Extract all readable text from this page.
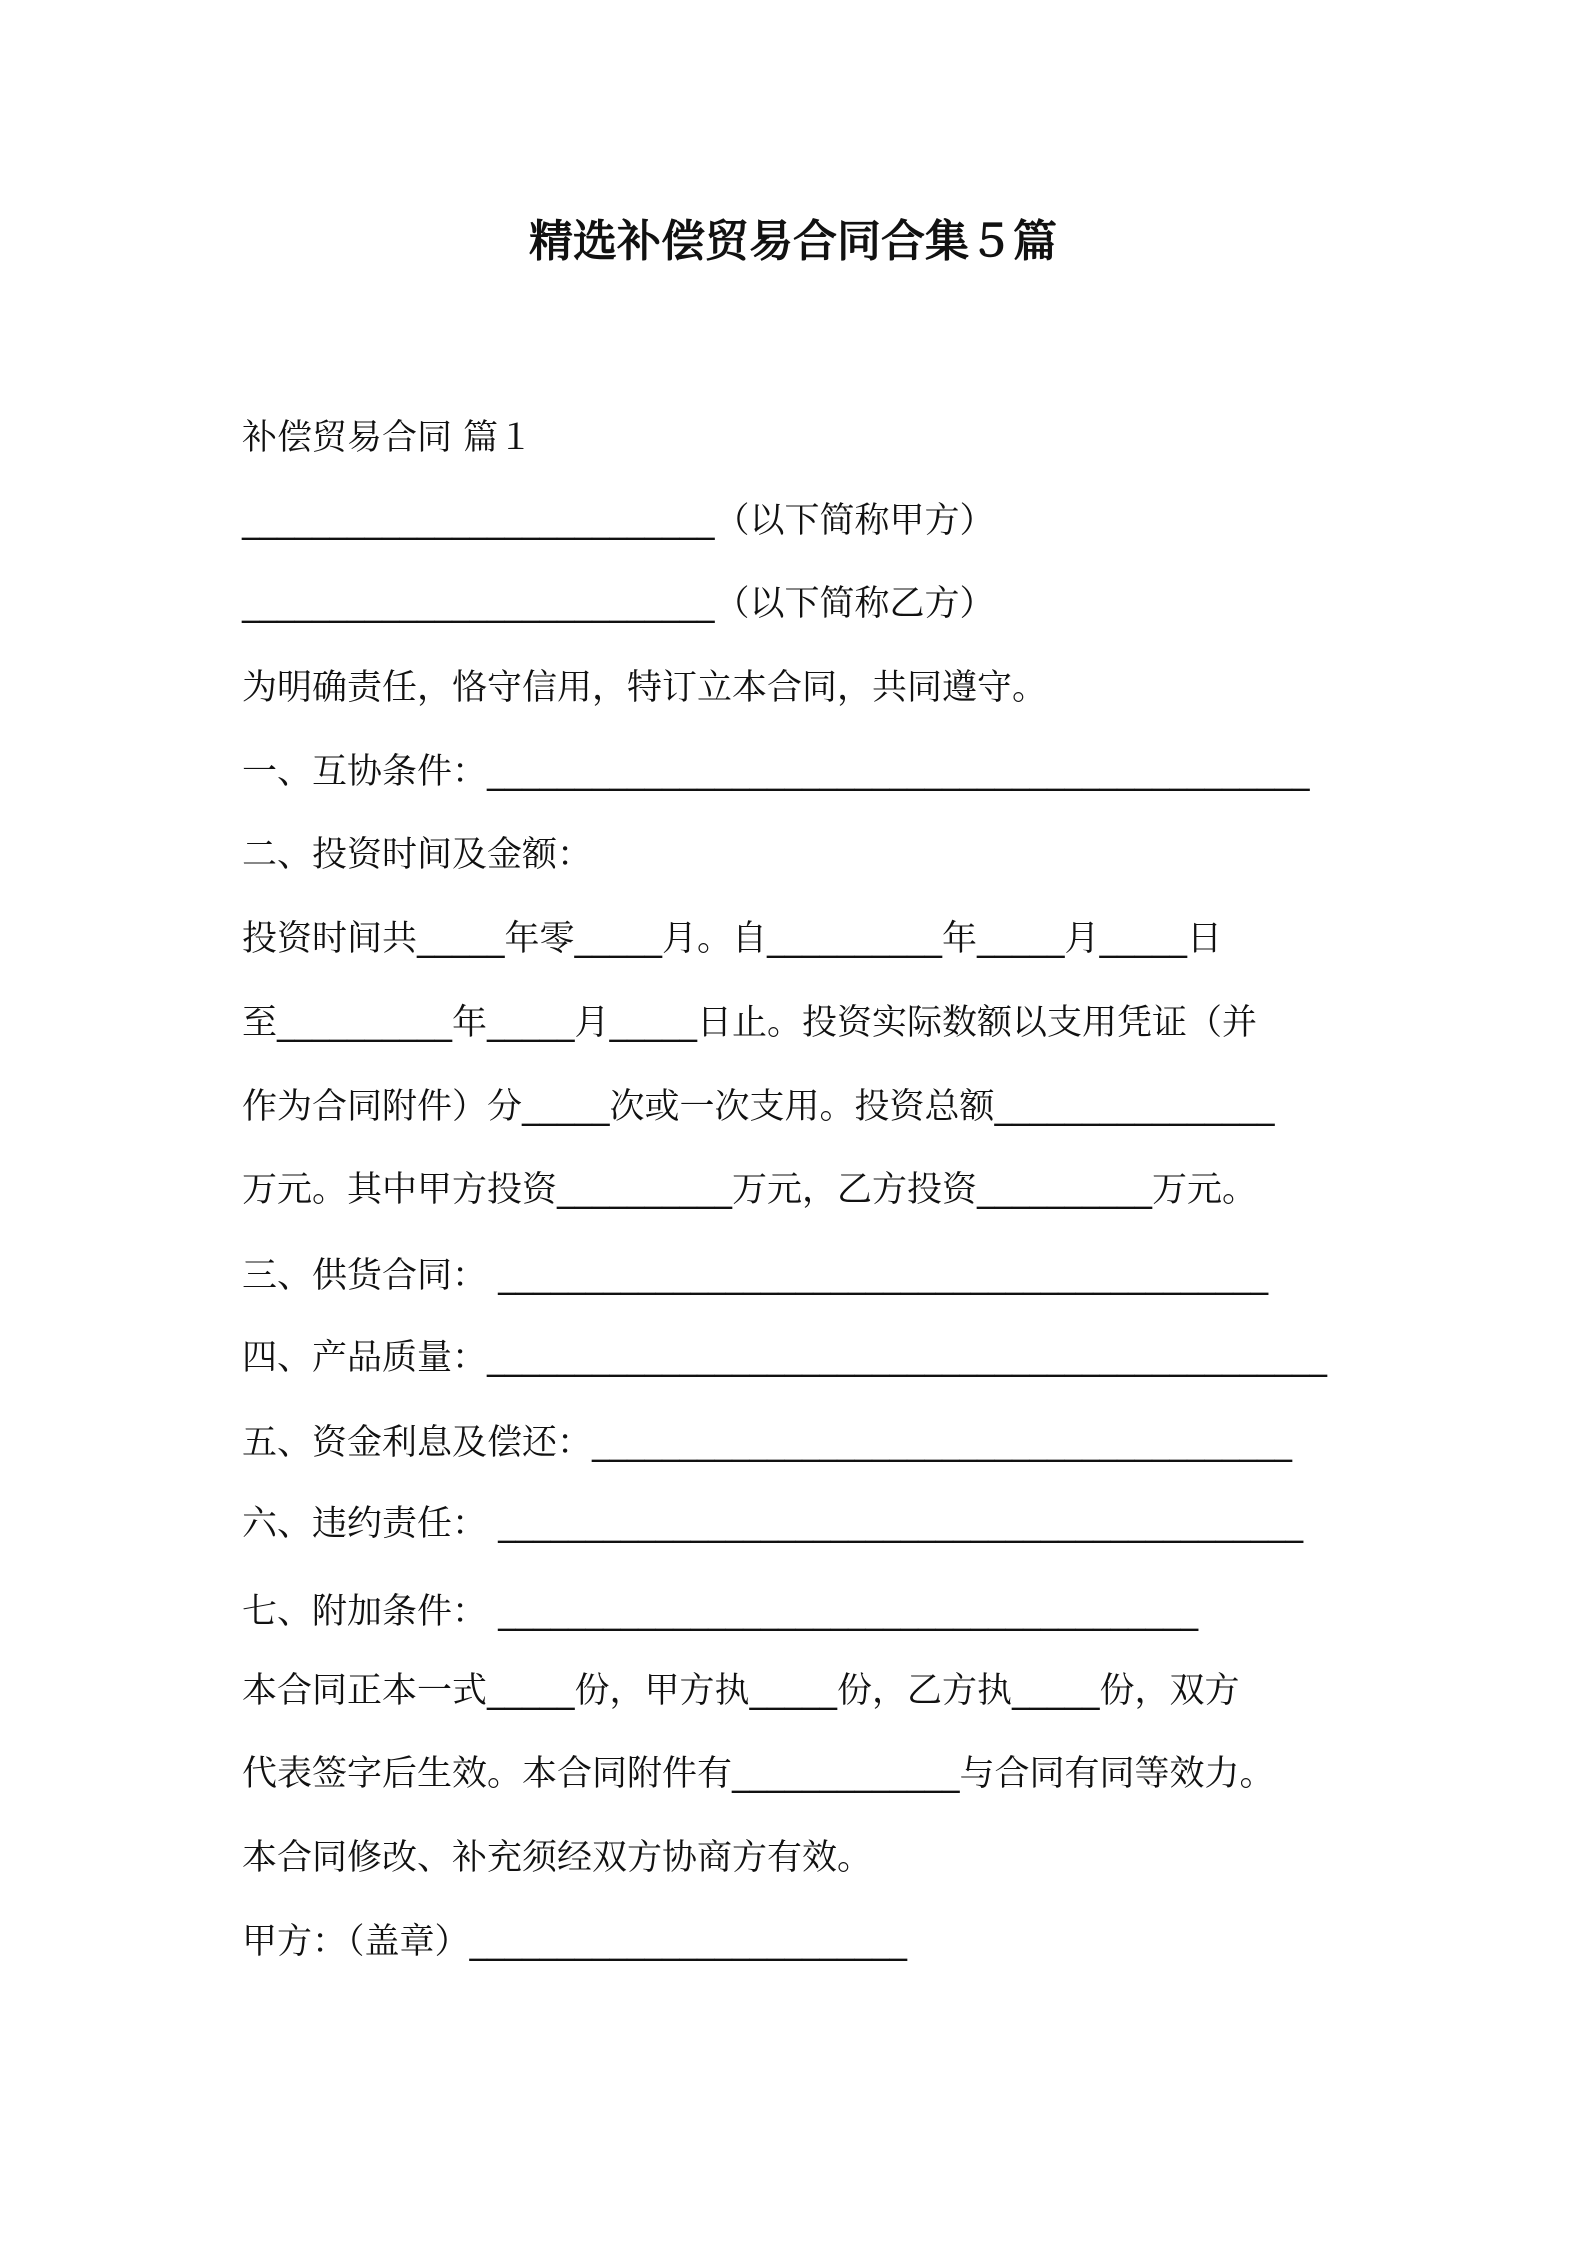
精选补偿贸易合同合集５篇
补偿贸易合同 篇１
___________________________（以下简称甲方）
___________________________（以下简称乙方）
为明确责任，恪守信用，特订立本合同，共同遵守。
一、互协条件：_______________________________________________
二、投资时间及金额：
投资时间共_____年零_____月。自__________年_____月_____日
至__________年_____月_____日止。投资实际数额以支用凭证（并
作为合同附件）分_____次或一次支用。投资总额________________
万元。其中甲方投资__________万元，乙方投资__________万元。
三、供货合同： ____________________________________________
四、产品质量：________________________________________________
五、资金利息及偿还：________________________________________
六、违约责任： ______________________________________________
七、附加条件： ________________________________________
本合同正本一式_____份，甲方执_____份，乙方执_____份，双方
代表签字后生效。本合同附件有_____________与合同有同等效力。
本合同修改、补充须经双方协商方有效。
甲方：（盖章）_________________________
